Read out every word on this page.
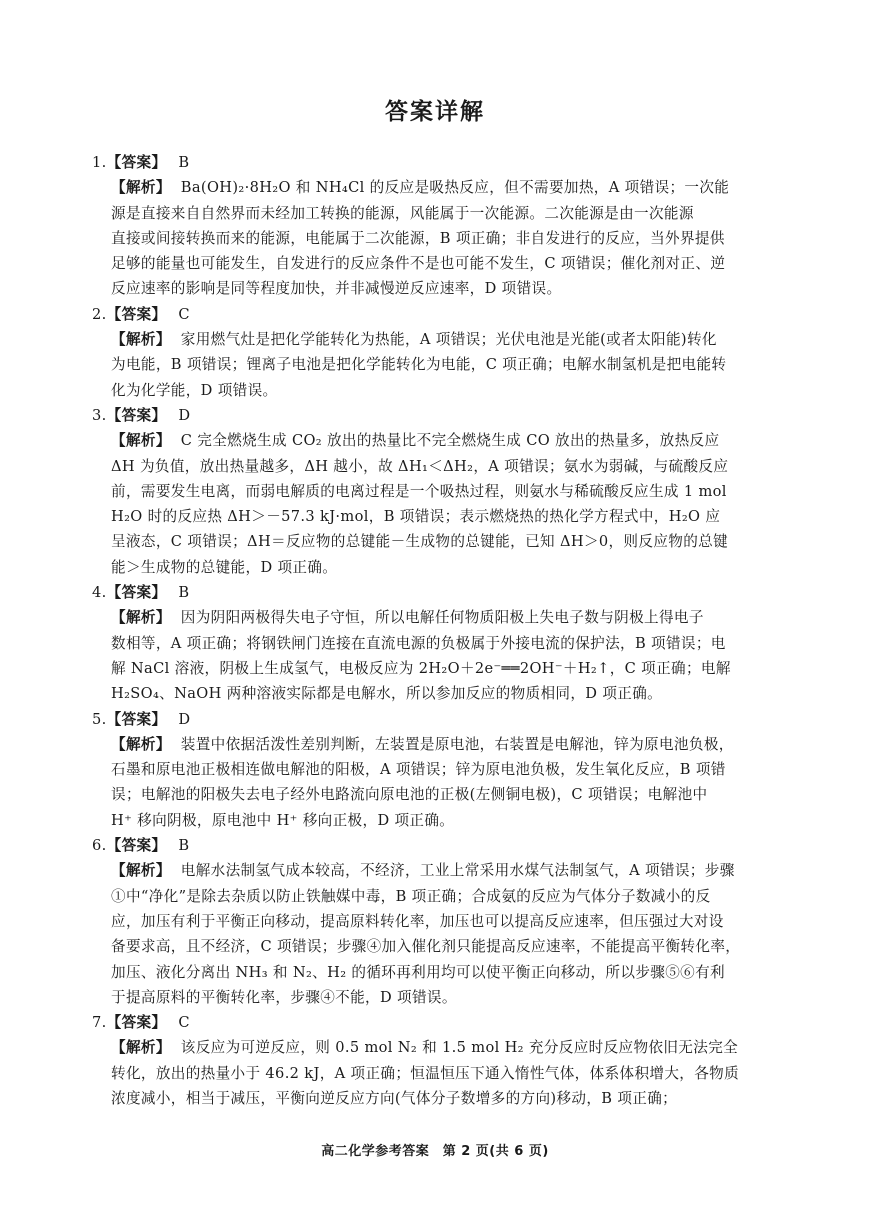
答案详解
1.【答案】 B
【解析】 Ba(OH)₂·8H₂O 和 NH₄Cl 的反应是吸热反应，但不需要加热，A 项错误；一次能
源是直接来自自然界而未经加工转换的能源，风能属于一次能源。二次能源是由一次能源
直接或间接转换而来的能源，电能属于二次能源，B 项正确；非自发进行的反应，当外界提供
足够的能量也可能发生，自发进行的反应条件不是也可能不发生，C 项错误；催化剂对正、逆
反应速率的影响是同等程度加快，并非减慢逆反应速率，D 项错误。
2.【答案】 C
【解析】 家用燃气灶是把化学能转化为热能，A 项错误；光伏电池是光能(或者太阳能)转化
为电能，B 项错误；锂离子电池是把化学能转化为电能，C 项正确；电解水制氢机是把电能转
化为化学能，D 项错误。
3.【答案】 D
【解析】 C 完全燃烧生成 CO₂ 放出的热量比不完全燃烧生成 CO 放出的热量多，放热反应
ΔH 为负值，放出热量越多，ΔH 越小，故 ΔH₁＜ΔH₂，A 项错误；氨水为弱碱，与硫酸反应
前，需要发生电离，而弱电解质的电离过程是一个吸热过程，则氨水与稀硫酸反应生成 1 mol
H₂O 时的反应热 ΔH＞－57.3 kJ·mol，B 项错误；表示燃烧热的热化学方程式中，H₂O 应
呈液态，C 项错误；ΔH＝反应物的总键能－生成物的总键能，已知 ΔH＞0，则反应物的总键
能＞生成物的总键能，D 项正确。
4.【答案】 B
【解析】 因为阴阳两极得失电子守恒，所以电解任何物质阳极上失电子数与阴极上得电子
数相等，A 项正确；将钢铁闸门连接在直流电源的负极属于外接电流的保护法，B 项错误；电
解 NaCl 溶液，阴极上生成氢气，电极反应为 2H₂O＋2e⁻══2OH⁻＋H₂↑，C 项正确；电解
H₂SO₄、NaOH 两种溶液实际都是电解水，所以参加反应的物质相同，D 项正确。
5.【答案】 D
【解析】 装置中依据活泼性差别判断，左装置是原电池，右装置是电解池，锌为原电池负极，
石墨和原电池正极相连做电解池的阳极，A 项错误；锌为原电池负极，发生氧化反应，B 项错
误；电解池的阳极失去电子经外电路流向原电池的正极(左侧铜电极)，C 项错误；电解池中
H⁺ 移向阴极，原电池中 H⁺ 移向正极，D 项正确。
6.【答案】 B
【解析】 电解水法制氢气成本较高，不经济，工业上常采用水煤气法制氢气，A 项错误；步骤
①中“净化”是除去杂质以防止铁触媒中毒，B 项正确；合成氨的反应为气体分子数减小的反
应，加压有利于平衡正向移动，提高原料转化率，加压也可以提高反应速率，但压强过大对设
备要求高，且不经济，C 项错误；步骤④加入催化剂只能提高反应速率，不能提高平衡转化率，
加压、液化分离出 NH₃ 和 N₂、H₂ 的循环再利用均可以使平衡正向移动，所以步骤⑤⑥有利
于提高原料的平衡转化率，步骤④不能，D 项错误。
7.【答案】 C
【解析】 该反应为可逆反应，则 0.5 mol N₂ 和 1.5 mol H₂ 充分反应时反应物依旧无法完全
转化，放出的热量小于 46.2 kJ，A 项正确；恒温恒压下通入惰性气体，体系体积增大，各物质
浓度减小，相当于减压，平衡向逆反应方向(气体分子数增多的方向)移动，B 项正确；
高二化学参考答案　第 2 页(共 6 页)
